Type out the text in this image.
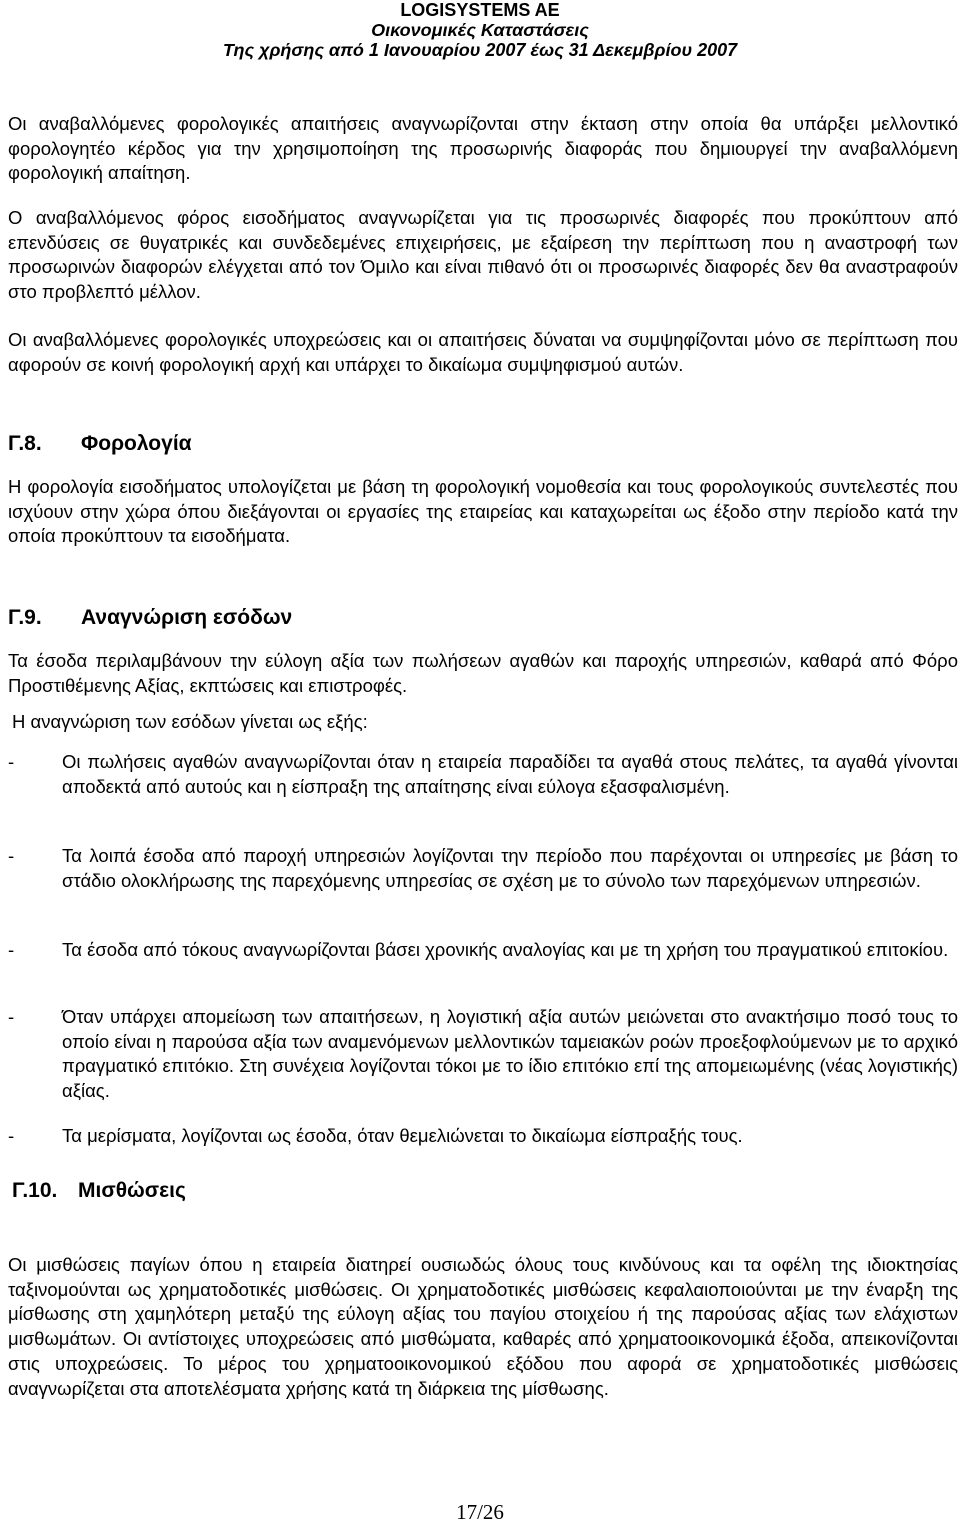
LOGISYSTEMS AE
Οικονομικές Καταστάσεις
Της χρήσης από 1 Ιανουαρίου 2007 έως 31 Δεκεμβρίου 2007

Οι αναβαλλόμενες φορολογικές απαιτήσεις αναγνωρίζονται στην έκταση στην οποία θα υπάρξει μελλοντικό φορολογητέο κέρδος για την χρησιμοποίηση της προσωρινής διαφοράς που δημιουργεί την αναβαλλόμενη φορολογική απαίτηση.

Ο αναβαλλόμενος φόρος εισοδήματος αναγνωρίζεται για τις προσωρινές διαφορές που προκύπτουν από επενδύσεις σε θυγατρικές και συνδεδεμένες επιχειρήσεις, με εξαίρεση την περίπτωση που η αναστροφή των προσωρινών διαφορών ελέγχεται από τον Όμιλο και είναι πιθανό ότι οι προσωρινές διαφορές δεν θα αναστραφούν στο προβλεπτό μέλλον.

Οι αναβαλλόμενες φορολογικές υποχρεώσεις και οι απαιτήσεις δύναται να συμψηφίζονται μόνο σε περίπτωση που αφορούν σε κοινή φορολογική αρχή και υπάρχει το δικαίωμα συμψηφισμού αυτών.

Γ.8. Φορολογία

Η φορολογία εισοδήματος υπολογίζεται με βάση τη φορολογική νομοθεσία και τους φορολογικούς συντελεστές που ισχύουν στην χώρα όπου διεξάγονται οι εργασίες της εταιρείας και καταχωρείται ως έξοδο στην περίοδο κατά την οποία προκύπτουν τα εισοδήματα.

Γ.9. Αναγνώριση εσόδων

Τα έσοδα περιλαμβάνουν την εύλογη αξία των πωλήσεων αγαθών και παροχής υπηρεσιών, καθαρά από Φόρο Προστιθέμενης Αξίας, εκπτώσεις και επιστροφές.

Η αναγνώριση των εσόδων γίνεται ως εξής:

-	Οι πωλήσεις αγαθών αναγνωρίζονται όταν η εταιρεία παραδίδει τα αγαθά στους πελάτες, τα αγαθά γίνονται αποδεκτά από αυτούς και η είσπραξη της απαίτησης είναι εύλογα εξασφαλισμένη.

-	Τα λοιπά έσοδα από παροχή υπηρεσιών λογίζονται την περίοδο που παρέχονται οι υπηρεσίες με βάση το στάδιο ολοκλήρωσης της παρεχόμενης υπηρεσίας σε σχέση με το σύνολο των παρεχόμενων υπηρεσιών.

-	Τα έσοδα από τόκους αναγνωρίζονται βάσει χρονικής αναλογίας και με τη χρήση του πραγματικού επιτοκίου.

-	Όταν υπάρχει απομείωση των απαιτήσεων, η λογιστική αξία αυτών μειώνεται στο ανακτήσιμο ποσό τους το οποίο είναι η παρούσα αξία των αναμενόμενων μελλοντικών ταμειακών ροών προεξοφλούμενων με το αρχικό πραγματικό επιτόκιο. Στη συνέχεια λογίζονται τόκοι με το ίδιο επιτόκιο επί της απομειωμένης (νέας λογιστικής) αξίας.

-	Τα μερίσματα, λογίζονται ως έσοδα, όταν θεμελιώνεται το δικαίωμα είσπραξής τους.

Γ.10. Μισθώσεις

Οι μισθώσεις παγίων όπου η εταιρεία διατηρεί ουσιωδώς όλους τους κινδύνους και τα οφέλη της ιδιοκτησίας ταξινομούνται ως χρηματοδοτικές μισθώσεις. Οι χρηματοδοτικές μισθώσεις κεφαλαιοποιούνται με την έναρξη της μίσθωσης στη χαμηλότερη μεταξύ της εύλογη αξίας του παγίου στοιχείου ή της παρούσας αξίας των ελάχιστων μισθωμάτων. Οι αντίστοιχες υποχρεώσεις από μισθώματα, καθαρές από χρηματοοικονομικά έξοδα, απεικονίζονται στις υποχρεώσεις. Το μέρος του χρηματοοικονομικού εξόδου που αφορά σε χρηματοδοτικές μισθώσεις αναγνωρίζεται στα αποτελέσματα χρήσης κατά τη διάρκεια της μίσθωσης.

17/26
